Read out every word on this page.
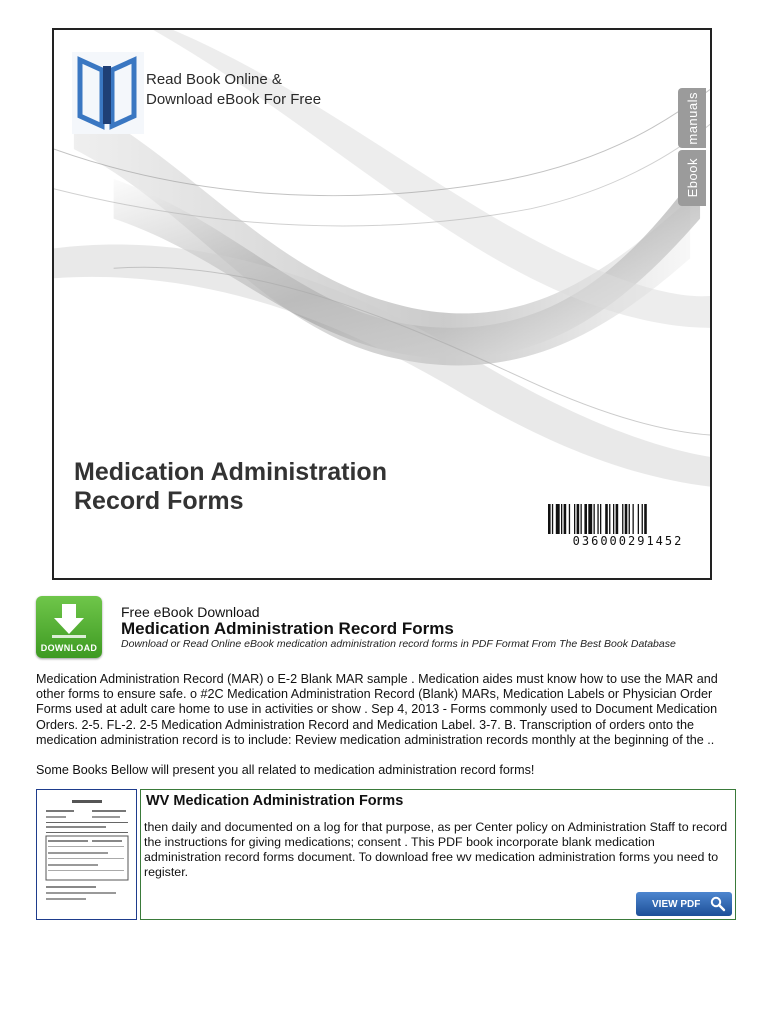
Read Book Online &
Download eBook For Free	manuals
Ebook
Medication Administration
Record Forms
036000291452
DOWNLOAD
Free eBook Download
Medication Administration Record Forms
Download or Read Online eBook medication administration record forms in PDF Format From The Best Book Database
Medication Administration Record (MAR) o E-2 Blank MAR sample . Medication aides must know how to use the MAR and other forms to ensure safe. o #2C Medication Administration Record (Blank) MARs, Medication Labels or Physician Order Forms used at adult care home to use in activities or show . Sep 4, 2013 - Forms commonly used to Document Medication Orders. 2-5. FL-2. 2-5 Medication Administration Record and Medication Label. 3-7. B. Transcription of orders onto the medication administration record is to include: Review medication administration records monthly at the beginning of the ..
Some Books Bellow will present you all related to medication administration record forms!
WV Medication Administration Forms
then daily and documented on a log for that purpose, as per Center policy on Administration Staff to record the instructions for giving medications; consent . This PDF book incorporate blank medication administration record forms document. To download free wv medication administration forms you need to register.
VIEW PDF
